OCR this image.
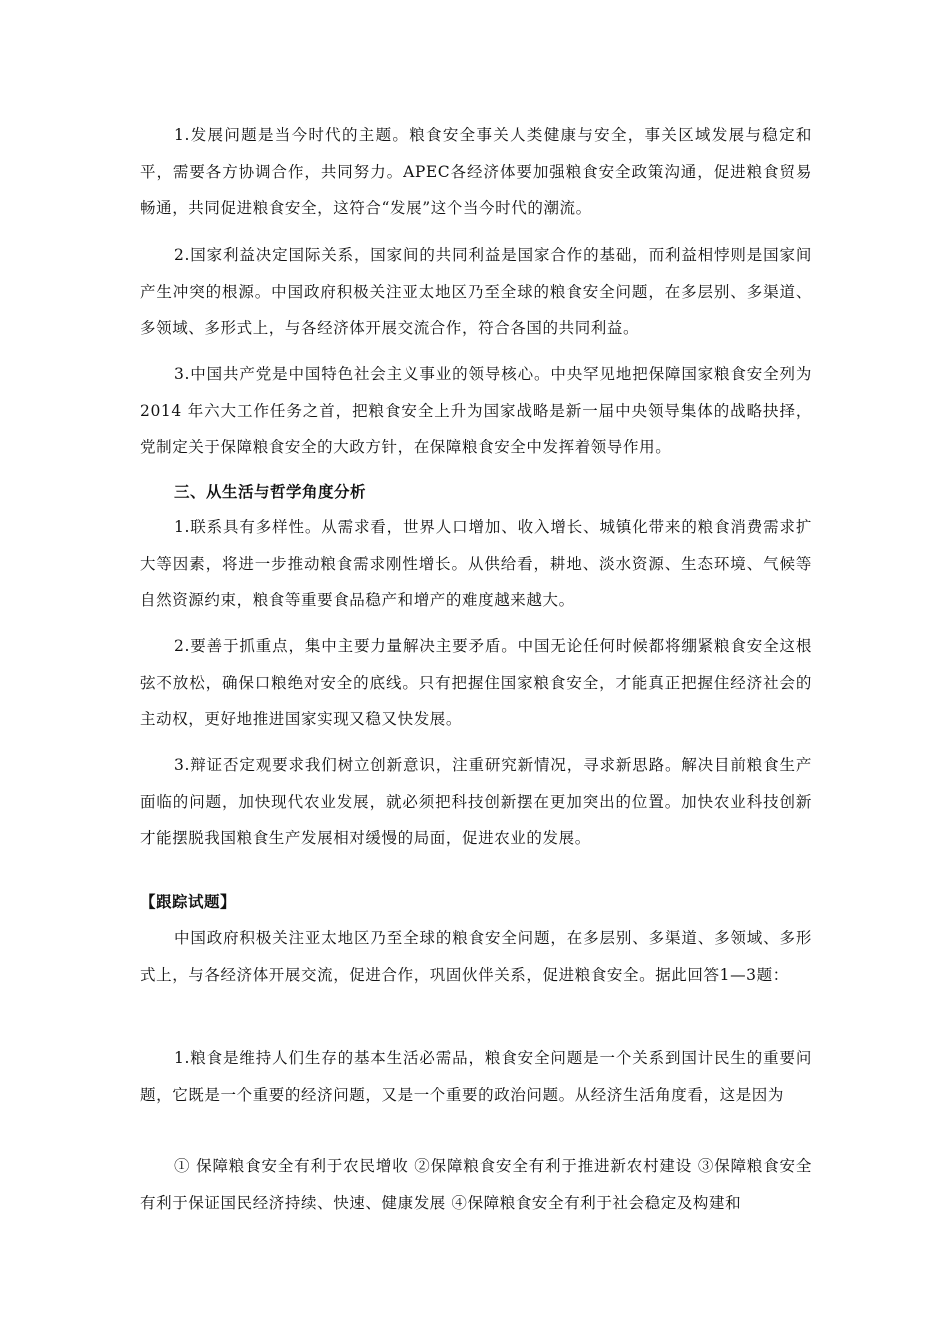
1.发展问题是当今时代的主题。粮食安全事关人类健康与安全，事关区域发展与稳定和平，需要各方协调合作，共同努力。APEC各经济体要加强粮食安全政策沟通，促进粮食贸易畅通，共同促进粮食安全，这符合“发展”这个当今时代的潮流。

2.国家利益决定国际关系，国家间的共同利益是国家合作的基础，而利益相悖则是国家间产生冲突的根源。中国政府积极关注亚太地区乃至全球的粮食安全问题，在多层别、多渠道、多领域、多形式上，与各经济体开展交流合作，符合各国的共同利益。

3.中国共产党是中国特色社会主义事业的领导核心。中央罕见地把保障国家粮食安全列为2014 年六大工作任务之首，把粮食安全上升为国家战略是新一届中央领导集体的战略抉择，党制定关于保障粮食安全的大政方针，在保障粮食安全中发挥着领导作用。

三、从生活与哲学角度分析

1.联系具有多样性。从需求看，世界人口增加、收入增长、城镇化带来的粮食消费需求扩大等因素，将进一步推动粮食需求刚性增长。从供给看，耕地、淡水资源、生态环境、气候等自然资源约束，粮食等重要食品稳产和增产的难度越来越大。

2.要善于抓重点，集中主要力量解决主要矛盾。中国无论任何时候都将绷紧粮食安全这根弦不放松，确保口粮绝对安全的底线。只有把握住国家粮食安全，才能真正把握住经济社会的主动权，更好地推进国家实现又稳又快发展。

3.辩证否定观要求我们树立创新意识，注重研究新情况，寻求新思路。解决目前粮食生产面临的问题，加快现代农业发展，就必须把科技创新摆在更加突出的位置。加快农业科技创新才能摆脱我国粮食生产发展相对缓慢的局面，促进农业的发展。

【跟踪试题】

中国政府积极关注亚太地区乃至全球的粮食安全问题，在多层别、多渠道、多领域、多形式上，与各经济体开展交流，促进合作，巩固伙伴关系，促进粮食安全。据此回答1—3题：

1.粮食是维持人们生存的基本生活必需品，粮食安全问题是一个关系到国计民生的重要问题，它既是一个重要的经济问题，又是一个重要的政治问题。从经济生活角度看，这是因为

① 保障粮食安全有利于农民增收 ②保障粮食安全有利于推进新农村建设 ③保障粮食安全有利于保证国民经济持续、快速、健康发展 ④保障粮食安全有利于社会稳定及构建和
